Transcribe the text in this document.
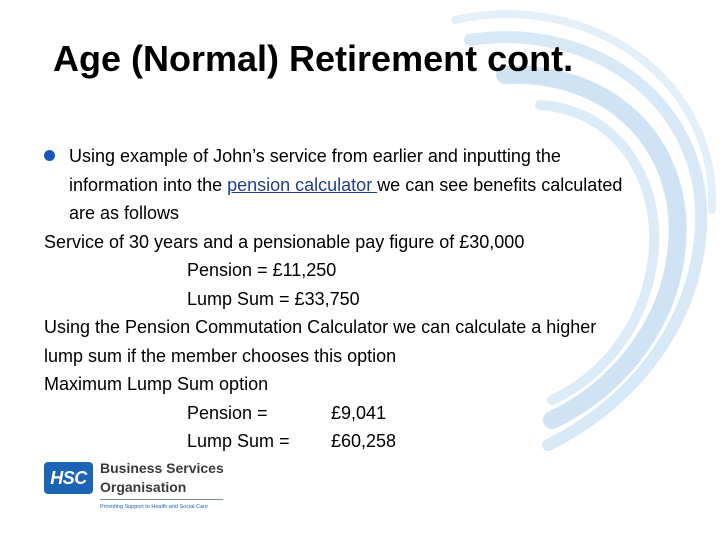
Age (Normal) Retirement cont.
Using example of John’s service from earlier and inputting the
information into the pension calculator we can see benefits calculated
are as follows
Service of 30 years and a pensionable pay figure of £30,000
Pension = £11,250
Lump Sum = £33,750
Using the Pension Commutation Calculator we can calculate a higher
lump sum if the member chooses this option
Maximum Lump Sum option
Pension =	£9,041
Lump Sum = £60,258
HSC Business Services
Organisation
Providing Support to Health and Social Care
